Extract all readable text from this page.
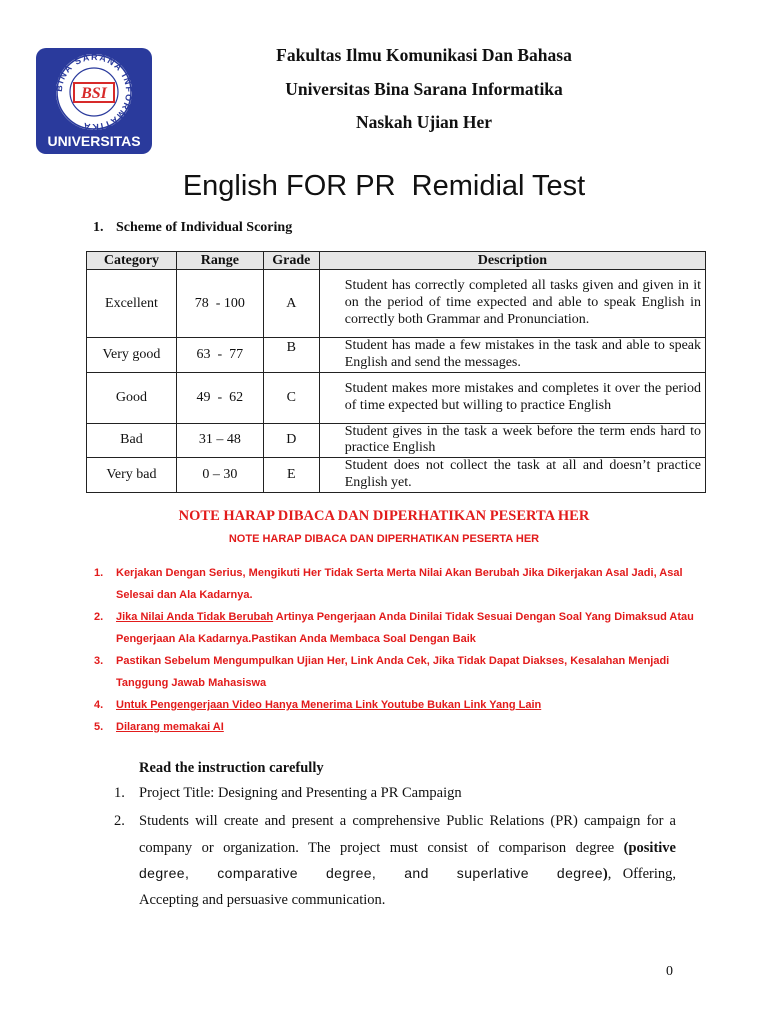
BINA SARANA INFORMATIKA
BSI
UNIVERSITAS
Fakultas Ilmu Komunikasi Dan Bahasa
Universitas Bina Sarana Informatika
Naskah Ujian Her
English FOR PR  Remidial Test
1. Scheme of Individual Scoring
Category	Range	Grade	Description
Excellent	78  - 100	A	Student has correctly completed all tasks given and given in it on the period of time expected and able to speak English in correctly both Grammar and Pronunciation.
Very good	63  -  77	B	Student has made a few mistakes in the task and able to speak English and send the messages.
Good	49  -  62	C	Student makes more mistakes and completes it over the period of time expected but willing to practice English
Bad	31 – 48	D	Student gives in the task a week before the term ends hard to practice English
Very bad	0 – 30	E	Student does not collect the task at all and doesn’t practice English yet.
NOTE HARAP DIBACA DAN DIPERHATIKAN PESERTA HER
NOTE HARAP DIBACA DAN DIPERHATIKAN PESERTA HER
1. Kerjakan Dengan Serius, Mengikuti Her Tidak Serta Merta Nilai Akan Berubah Jika Dikerjakan Asal Jadi, Asal Selesai dan Ala Kadarnya.
2. Jika Nilai Anda Tidak Berubah Artinya Pengerjaan Anda Dinilai Tidak Sesuai Dengan Soal Yang Dimaksud Atau Pengerjaan Ala Kadarnya.Pastikan Anda Membaca Soal Dengan Baik
3. Pastikan Sebelum Mengumpulkan Ujian Her, Link Anda Cek, Jika Tidak Dapat Diakses, Kesalahan Menjadi Tanggung Jawab Mahasiswa
4. Untuk Pengengerjaan Video Hanya Menerima Link Youtube Bukan Link Yang Lain
5. Dilarang memakai AI
Read the instruction carefully
1. Project Title: Designing and Presenting a PR Campaign
2. Students will create and present a comprehensive Public Relations (PR) campaign for a company or organization. The project must consist of comparison degree (positive degree, comparative degree, and superlative degree), Offering, Accepting and persuasive communication.
0
